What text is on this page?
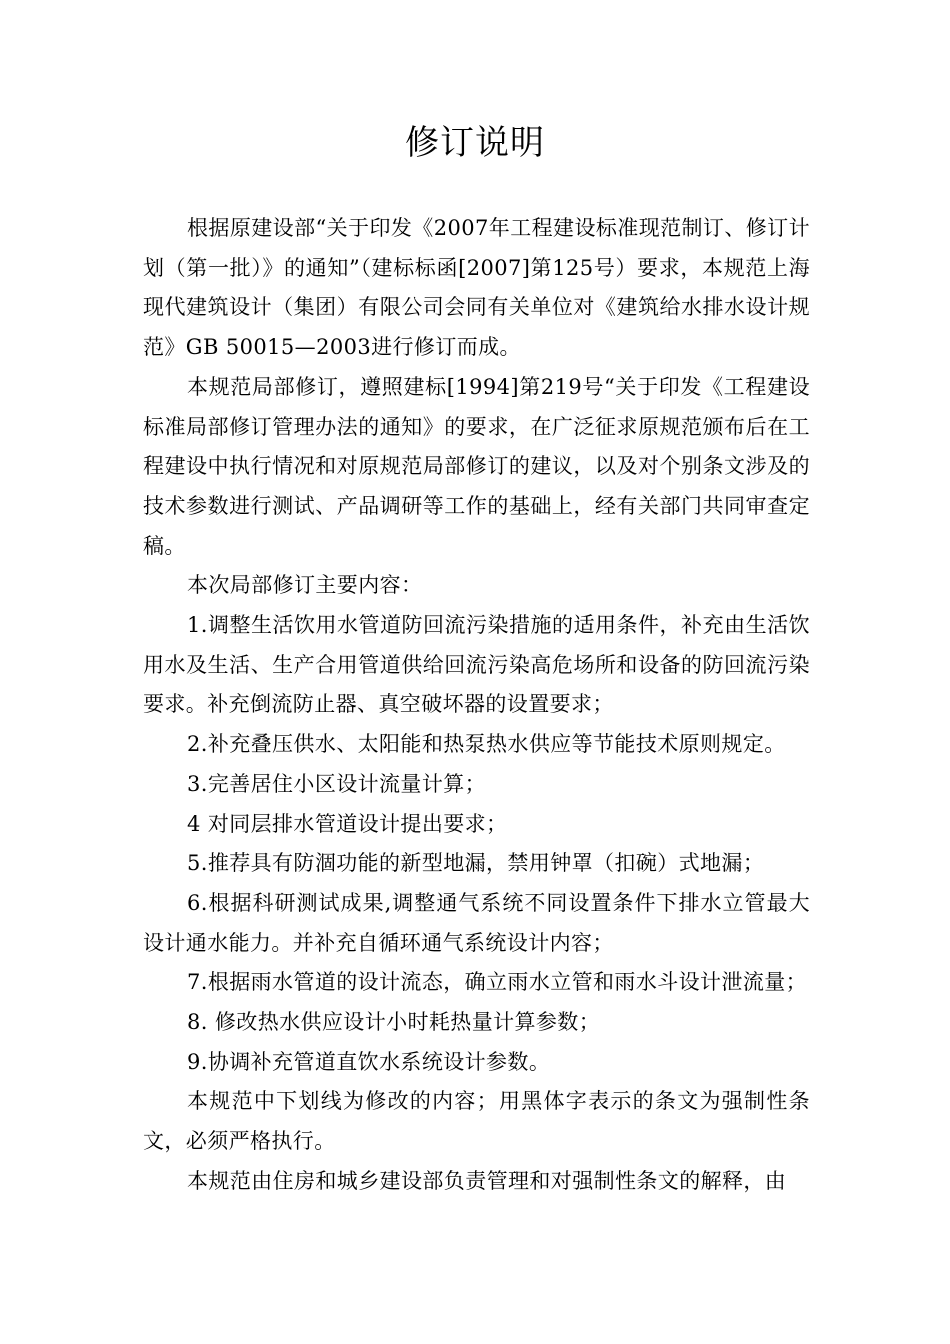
修订说明

根据原建设部“关于印发《2007年工程建设标准现范制订、修订计划（第一批）》的通知”（建标标函[2007]第125号）要求，本规范上海现代建筑设计（集团）有限公司会同有关单位对《建筑给水排水设计规范》GB 50015—2003进行修订而成。

本规范局部修订，遵照建标[1994]第219号“关于印发《工程建设标准局部修订管理办法的通知》的要求，在广泛征求原规范颁布后在工程建设中执行情况和对原规范局部修订的建议，以及对个别条文涉及的技术参数进行测试、产品调研等工作的基础上，经有关部门共同审查定稿。

本次局部修订主要内容：

1.调整生活饮用水管道防回流污染措施的适用条件，补充由生活饮用水及生活、生产合用管道供给回流污染高危场所和设备的防回流污染要求。补充倒流防止器、真空破坏器的设置要求；

2.补充叠压供水、太阳能和热泵热水供应等节能技术原则规定。

3.完善居住小区设计流量计算；

4 对同层排水管道设计提出要求；

5.推荐具有防涸功能的新型地漏，禁用钟罩（扣碗）式地漏；

6.根据科研测试成果,调整通气系统不同设置条件下排水立管最大设计通水能力。并补充自循环通气系统设计内容；

7.根据雨水管道的设计流态，确立雨水立管和雨水斗设计泄流量；

8. 修改热水供应设计小时耗热量计算参数；

9.协调补充管道直饮水系统设计参数。

本规范中下划线为修改的内容；用黑体字表示的条文为强制性条文，必须严格执行。

本规范由住房和城乡建设部负责管理和对强制性条文的解释，由
